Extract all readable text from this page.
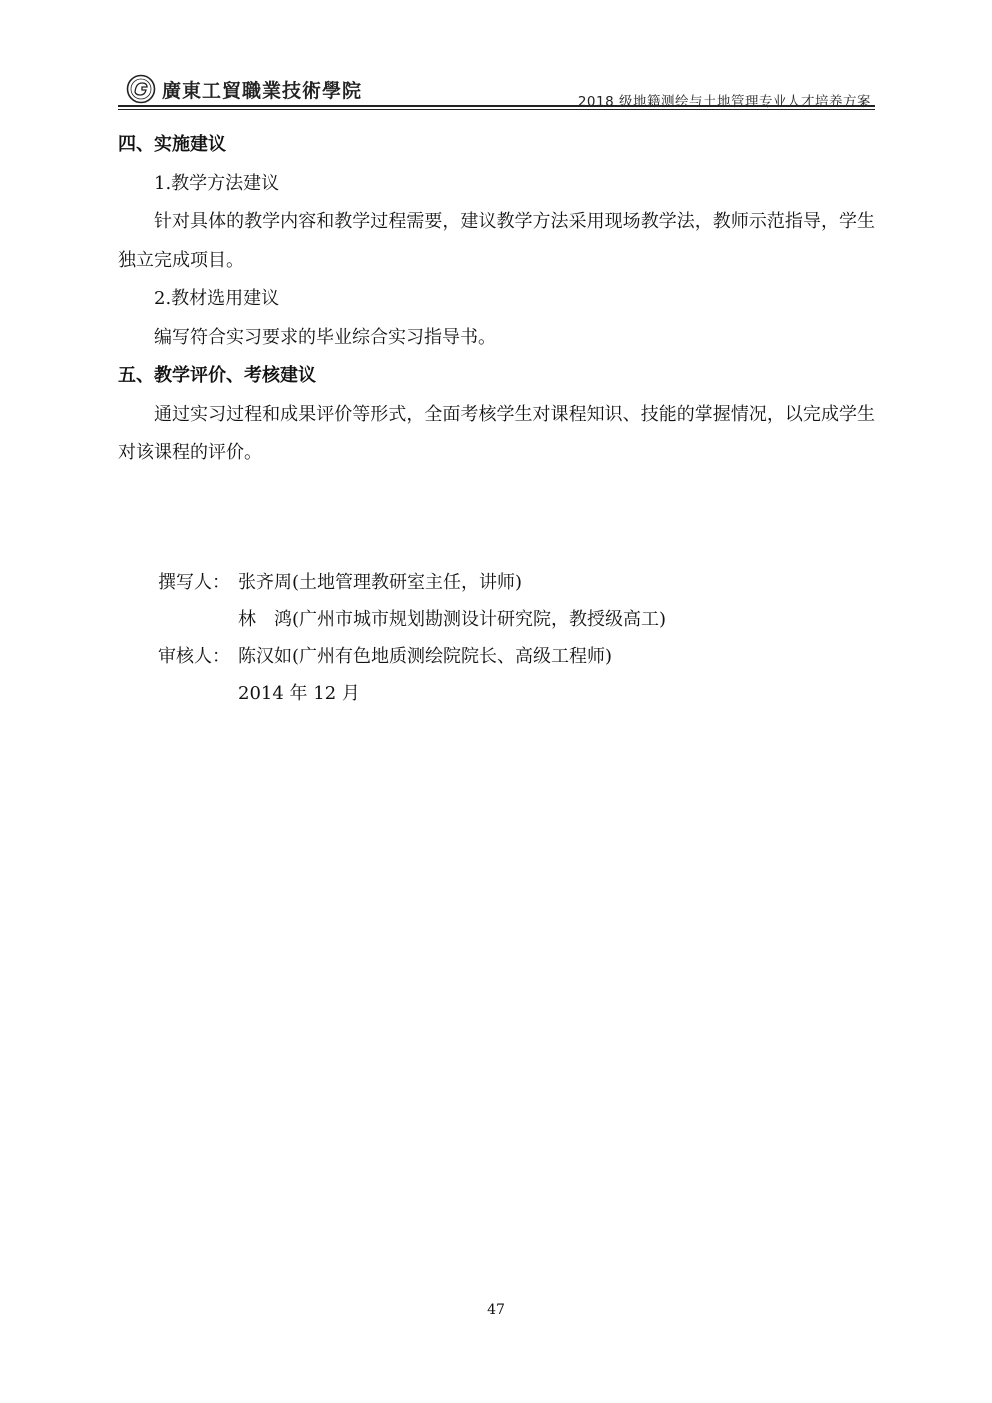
廣東工貿職業技術學院
2018 级地籍测绘与土地管理专业人才培养方案
四、实施建议
1.教学方法建议
针对具体的教学内容和教学过程需要，建议教学方法采用现场教学法，教师示范指导，学生独立完成项目。
2.教材选用建议
编写符合实习要求的毕业综合实习指导书。
五、教学评价、考核建议
通过实习过程和成果评价等形式，全面考核学生对课程知识、技能的掌握情况，以完成学生对该课程的评价。
撰写人： 张齐周(土地管理教研室主任，讲师)
林　鸿(广州市城市规划勘测设计研究院，教授级高工)
审核人： 陈汉如(广州有色地质测绘院院长、高级工程师)
2014 年 12 月
47
